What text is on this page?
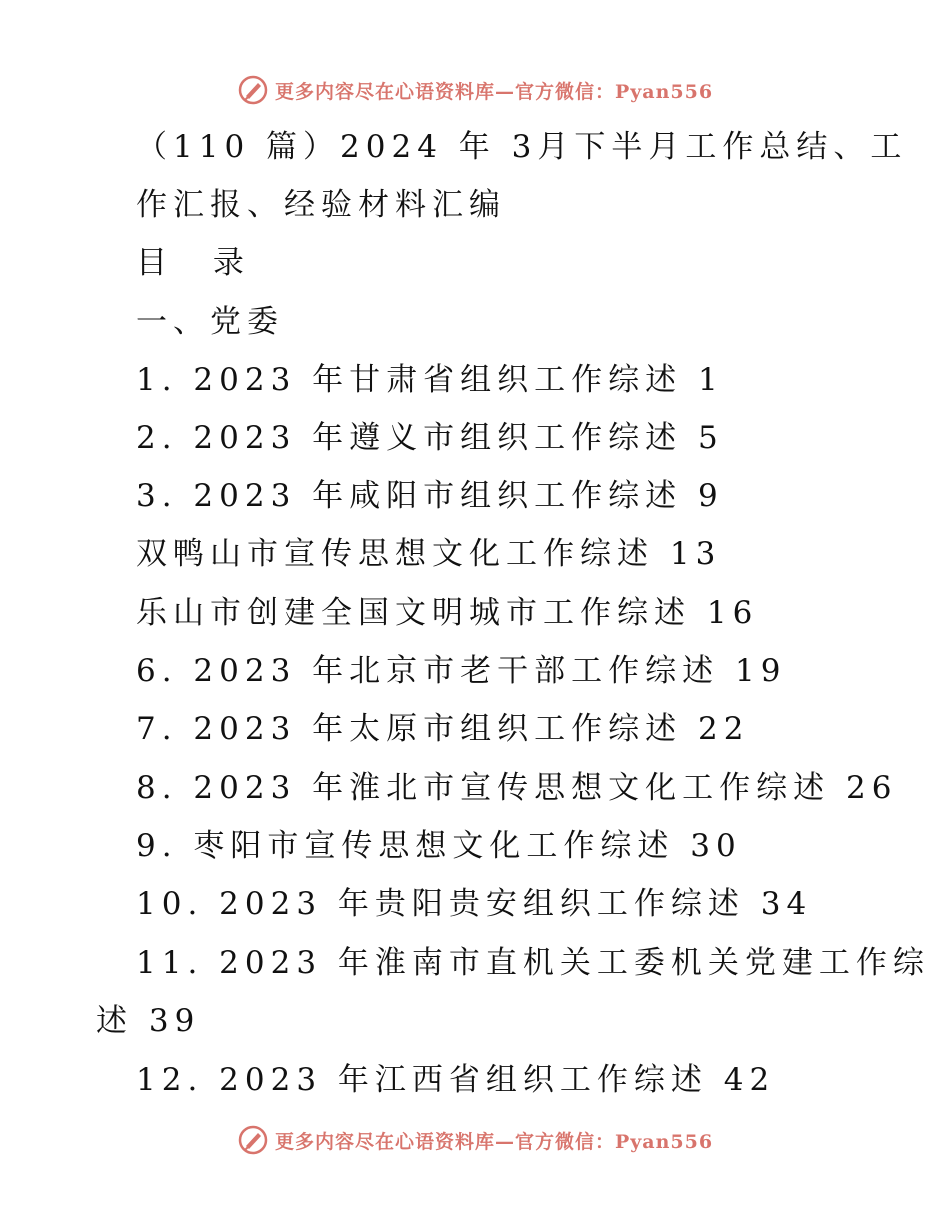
更多内容尽在心语资料库—官方微信：Pyan556
（110 篇）2024 年 3月下半月工作总结、工
作汇报、经验材料汇编
目 录
一、党委
1. 2023 年甘肃省组织工作综述 1
2. 2023 年遵义市组织工作综述 5
3. 2023 年咸阳市组织工作综述 9
双鸭山市宣传思想文化工作综述 13
乐山市创建全国文明城市工作综述 16
6. 2023 年北京市老干部工作综述 19
7. 2023 年太原市组织工作综述 22
8. 2023 年淮北市宣传思想文化工作综述 26
9. 枣阳市宣传思想文化工作综述 30
10. 2023 年贵阳贵安组织工作综述 34
11. 2023 年淮南市直机关工委机关党建工作综
述 39
12. 2023 年江西省组织工作综述 42
更多内容尽在心语资料库—官方微信：Pyan556
